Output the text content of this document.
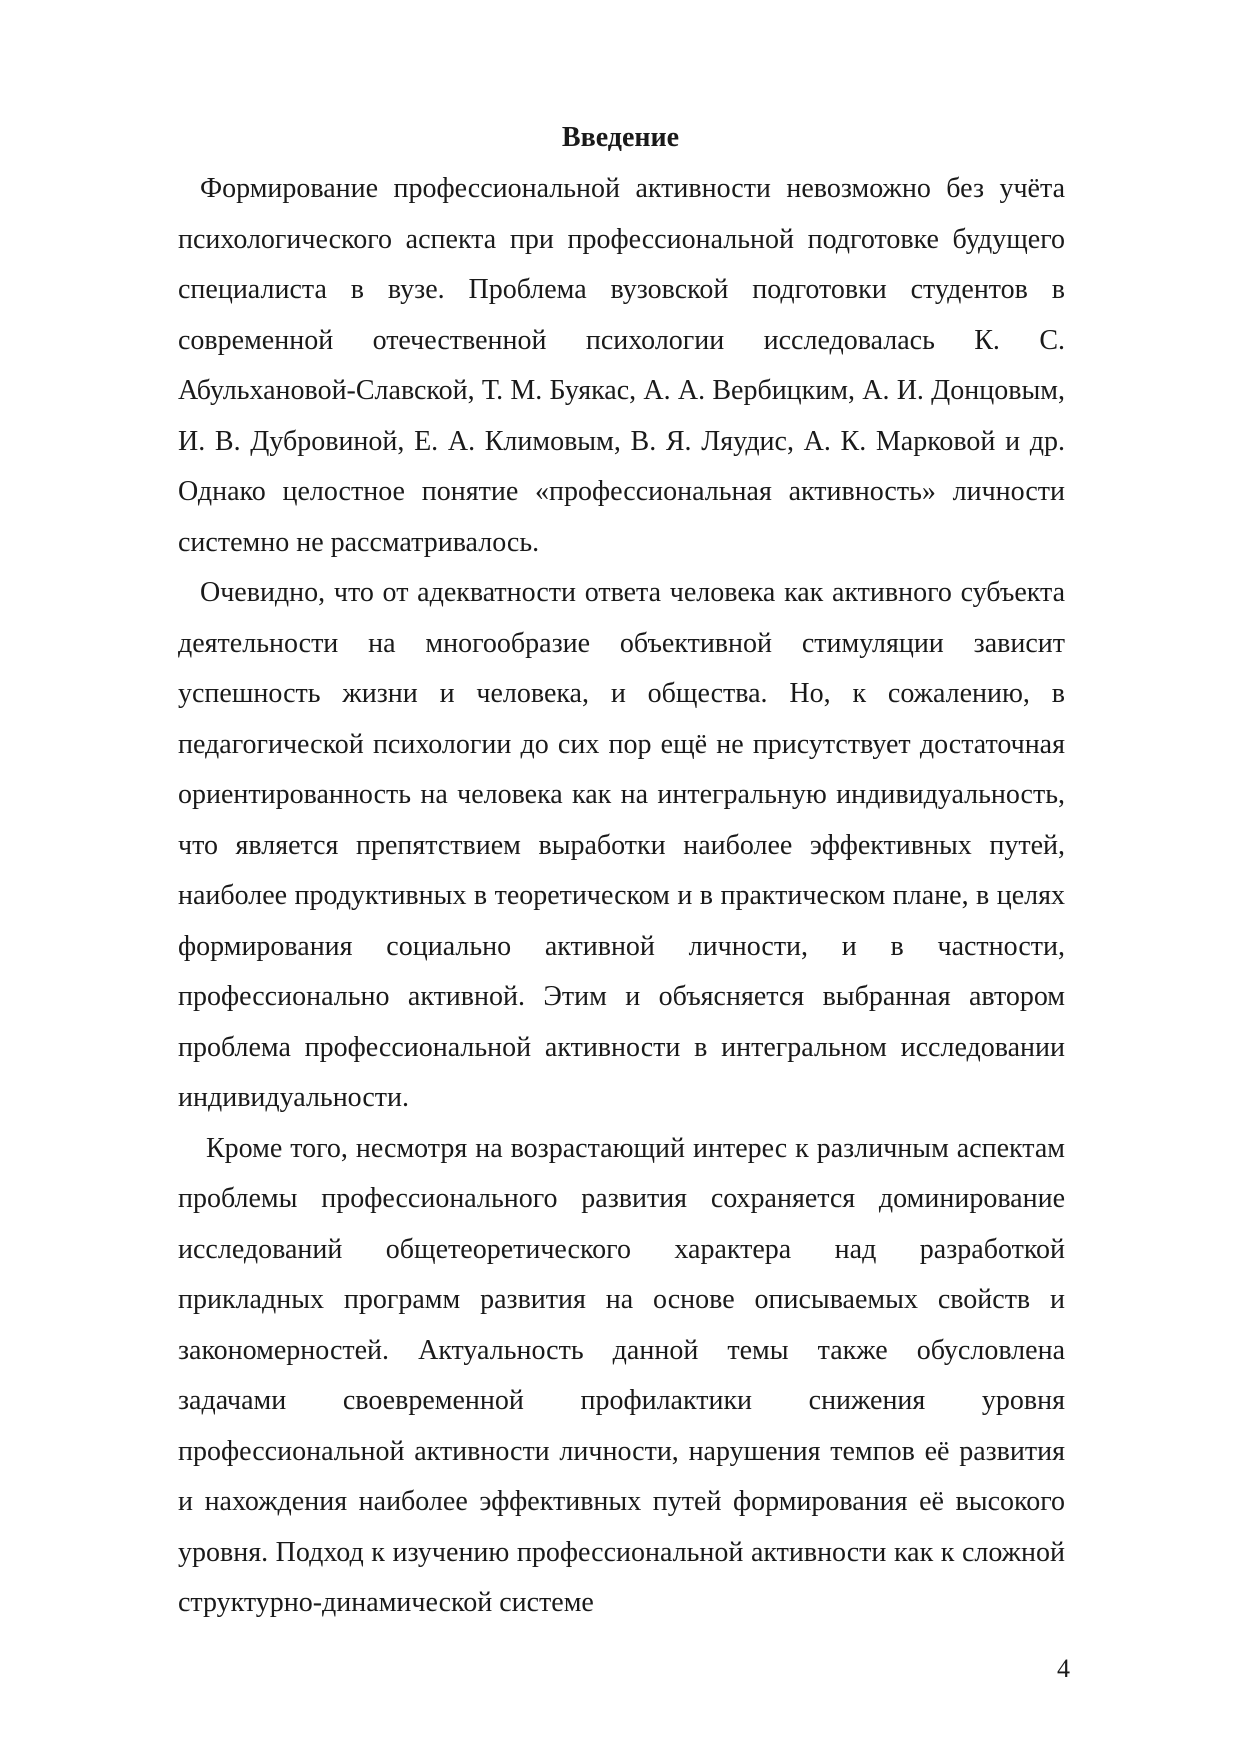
Введение

Формирование профессиональной активности невозможно без учёта психологического аспекта при профессиональной подготовке будущего специалиста в вузе. Проблема вузовской подготовки студентов в современной отечественной психологии исследовалась К. С. Абульхановой-Славской, Т. М. Буякас, А. А. Вербицким, А. И. Донцовым, И. В. Дубровиной, Е. А. Климовым, В. Я. Ляудис, А. К. Марковой и др. Однако целостное понятие «профессиональная активность» личности системно не рассматривалось.

Очевидно, что от адекватности ответа человека как активного субъекта деятельности на многообразие объективной стимуляции зависит успешность жизни и человека, и общества. Но, к сожалению, в педагогической психологии до сих пор ещё не присутствует достаточная ориентированность на человека как на интегральную индивидуальность, что является препятствием выработки наиболее эффективных путей, наиболее продуктивных в теоретическом и в практическом плане, в целях формирования социально активной личности, и в частности, профессионально активной. Этим и объясняется выбранная автором проблема профессиональной активности в интегральном исследовании индивидуальности.

Кроме того, несмотря на возрастающий интерес к различным аспектам проблемы профессионального развития сохраняется доминирование исследований общетеоретического характера над разработкой прикладных программ развития на основе описываемых свойств и закономерностей. Актуальность данной темы также обусловлена задачами своевременной профилактики снижения уровня профессиональной активности личности, нарушения темпов её развития и нахождения наиболее эффективных путей формирования её высокого уровня. Подход к изучению профессиональной активности как к сложной структурно-динамической системе

4
